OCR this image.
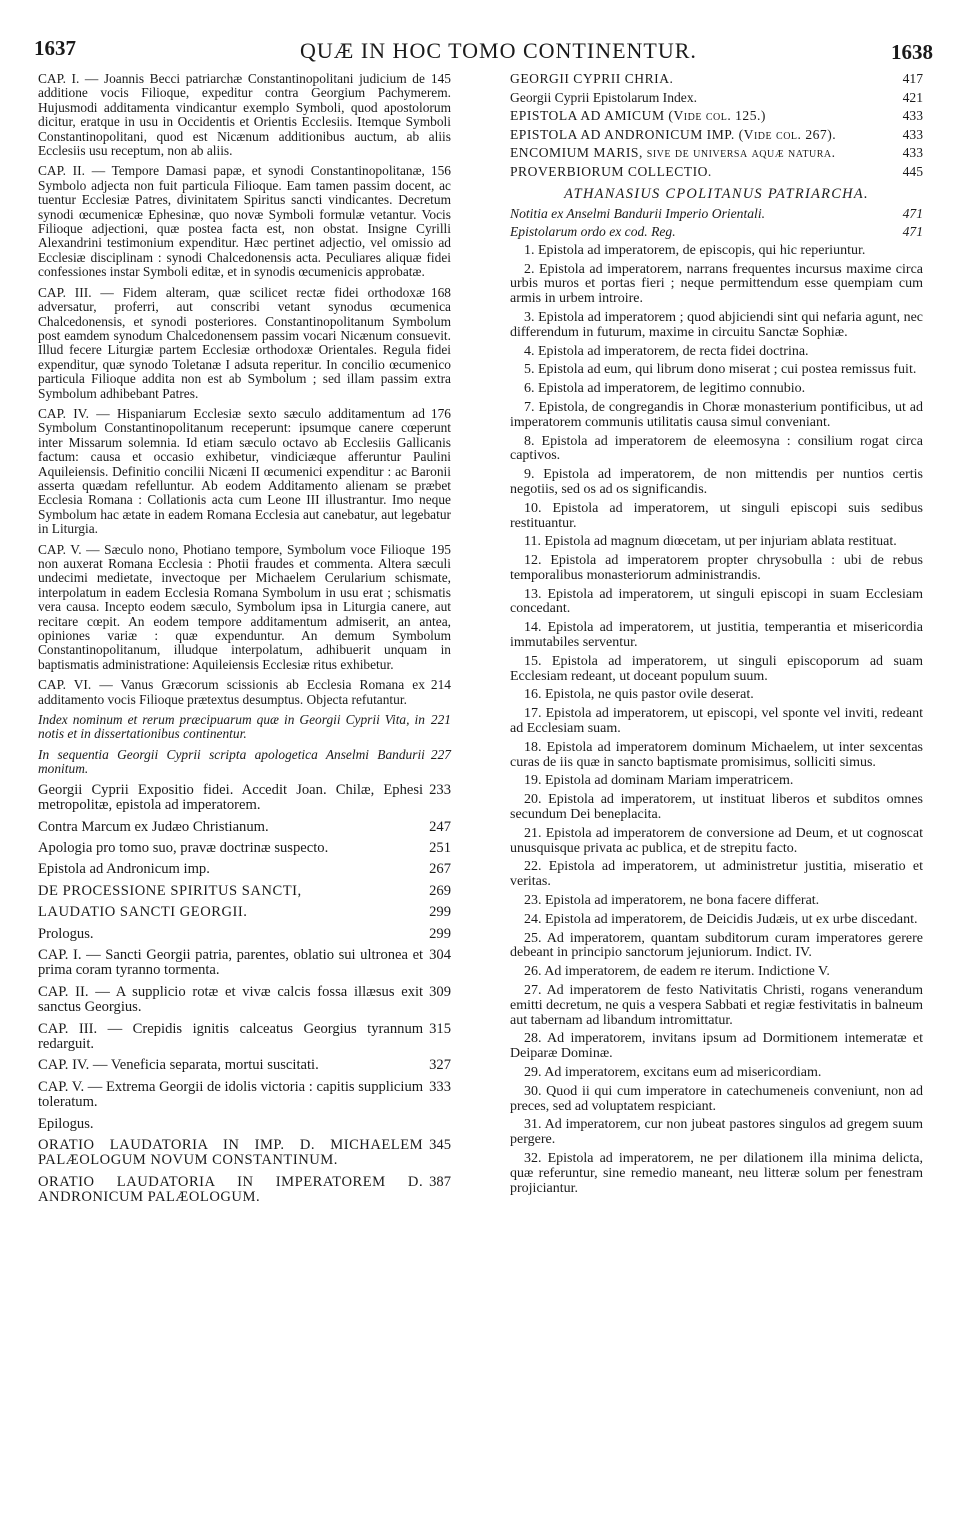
1637	QUÆ IN HOC TOMO CONTINENTUR.	1638
145
CAP. I. — Joannis Becci patriarchæ Constantinopolitani judicium de additione vocis Filioque, expeditur contra Georgium Pachymerem. Hujusmodi additamenta vindicantur exemplo Symboli, quod apostolorum dicitur, eratque in usu in Occidentis et Orientis Ecclesiis. Itemque Symboli Constantinopolitani, quod est Nicænum additionibus auctum, ab aliis Ecclesiis usu receptum, non ab aliis.
156
CAP. II. — Tempore Damasi papæ, et synodi Constantinopolitanæ, Symbolo adjecta non fuit particula Filioque. Eam tamen passim docent, ac tuentur Ecclesiæ Patres, divinitatem Spiritus sancti vindicantes. Decretum synodi œcumenicæ Ephesinæ, quo novæ Symboli formulæ vetantur. Vocis Filioque adjectioni, quæ postea facta est, non obstat. Insigne Cyrilli Alexandrini testimonium expenditur. Hæc pertinet adjectio, vel omissio ad Ecclesiæ disciplinam : synodi Chalcedonensis acta. Peculiares aliquæ fidei confessiones instar Symboli editæ, et in synodis œcumenicis approbatæ.
168
CAP. III. — Fidem alteram, quæ scilicet rectæ fidei orthodoxæ adversatur, proferri, aut conscribi vetant synodus œcumenica Chalcedonensis, et synodi posteriores. Constantinopolitanum Symbolum post eamdem synodum Chalcedonensem passim vocari Nicænum consuevit. Illud fecere Liturgiæ partem Ecclesiæ orthodoxæ Orientales. Regula fidei expenditur, quæ synodo Toletanæ I adsuta reperitur. In concilio œcumenico particula Filioque addita non est ab Symbolum ; sed illam passim extra Symbolum adhibebant Patres.
176
CAP. IV. — Hispaniarum Ecclesiæ sexto sæculo additamentum ad Symbolum Constantinopolitanum receperunt: ipsumque canere cœperunt inter Missarum solemnia. Id etiam sæculo octavo ab Ecclesiis Gallicanis factum: causa et occasio exhibetur, vindiciæque afferuntur Paulini Aquileiensis. Definitio concilii Nicæni II œcumenici expenditur : ac Baronii asserta quædam refelluntur. Ab eodem Additamento alienam se præbet Ecclesia Romana : Collationis acta cum Leone III illustrantur. Imo neque Symbolum hac ætate in eadem Romana Ecclesia aut canebatur, aut legebatur in Liturgia.
195
CAP. V. — Sæculo nono, Photiano tempore, Symbolum voce Filioque non auxerat Romana Ecclesia : Photii fraudes et commenta. Altera sæculi undecimi medietate, invectoque per Michaelem Cerularium schismate, interpolatum in eadem Ecclesia Romana Symbolum in usu erat ; schismatis vera causa. Incepto eodem sæculo, Symbolum ipsa in Liturgia canere, aut recitare cœpit. An eodem tempore additamentum admiserit, an antea, opiniones variæ : quæ expenduntur. An demum Symbolum Constantinopolitanum, illudque interpolatum, adhibuerit unquam in baptismatis administratione: Aquileiensis Ecclesiæ ritus exhibetur.
214
CAP. VI. — Vanus Græcorum scissionis ab Ecclesia Romana ex additamento vocis Filioque prætextus desumptus. Objecta refutantur.
221
Index nominum et rerum præcipuarum quæ in Georgii Cyprii Vita, in notis et in dissertationibus continentur.
227
In sequentia Georgii Cyprii scripta apologetica Anselmi Bandurii monitum.
233
Georgii Cyprii Expositio fidei. Accedit Joan. Chilæ, Ephesi metropolitæ, epistola ad imperatorem.
247
Contra Marcum ex Judæo Christianum.
251
Apologia pro tomo suo, pravæ doctrinæ suspecto.
267
Epistola ad Andronicum imp.
269
DE PROCESSIONE SPIRITUS SANCTI,
299
LAUDATIO SANCTI GEORGII.
299
Prologus.
304
CAP. I. — Sancti Georgii patria, parentes, oblatio sui ultronea et prima coram tyranno tormenta.
309
CAP. II. — A supplicio rotæ et vivæ calcis fossa illæsus exit sanctus Georgius.
315
CAP. III. — Crepidis ignitis calceatus Georgius tyrannum redarguit.
327
CAP. IV. — Veneficia separata, mortui suscitati.
333
CAP. V. — Extrema Georgii de idolis victoria : capitis supplicium toleratum.
Epilogus.
345
ORATIO LAUDATORIA IN IMP. D. MICHAELEM PALÆOLOGUM NOVUM CONSTANTINUM.
387
ORATIO LAUDATORIA IN IMPERATOREM D. ANDRONICUM PALÆOLOGUM.
417
GEORGII CYPRII CHRIA.
421
Georgii Cyprii Epistolarum Index.
433
EPISTOLA AD AMICUM (Vide col. 125.)
433
EPISTOLA AD ANDRONICUM IMP. (Vide col. 267).
433
ENCOMIUM MARIS, sive de universa aquæ natura.
445
PROVERBIORUM COLLECTIO.
ATHANASIUS CPOLITANUS PATRIARCHA.
471
Notitia ex Anselmi Bandurii Imperio Orientali.
471
Epistolarum ordo ex cod. Reg.
1. Epistola ad imperatorem, de episcopis, qui hic reperiuntur.
2. Epistola ad imperatorem, narrans frequentes incursus maxime circa urbis muros et portas fieri ; neque permittendum esse quempiam cum armis in urbem introire.
3. Epistola ad imperatorem ; quod abjiciendi sint qui nefaria agunt, nec differendum in futurum, maxime in circuitu Sanctæ Sophiæ.
4. Epistola ad imperatorem, de recta fidei doctrina.
5. Epistola ad eum, qui librum dono miserat ; cui postea remissus fuit.
6. Epistola ad imperatorem, de legitimo connubio.
7. Epistola, de congregandis in Choræ monasterium pontificibus, ut ad imperatorem communis utilitatis causa simul conveniant.
8. Epistola ad imperatorem de eleemosyna : consilium rogat circa captivos.
9. Epistola ad imperatorem, de non mittendis per nuntios certis negotiis, sed os ad os significandis.
10. Epistola ad imperatorem, ut singuli episcopi suis sedibus restituantur.
11. Epistola ad magnum diœcetam, ut per injuriam ablata restituat.
12. Epistola ad imperatorem propter chrysobulla : ubi de rebus temporalibus monasteriorum administrandis.
13. Epistola ad imperatorem, ut singuli episcopi in suam Ecclesiam concedant.
14. Epistola ad imperatorem, ut justitia, temperantia et misericordia immutabiles serventur.
15. Epistola ad imperatorem, ut singuli episcoporum ad suam Ecclesiam redeant, ut doceant populum suum.
16. Epistola, ne quis pastor ovile deserat.
17. Epistola ad imperatorem, ut episcopi, vel sponte vel inviti, redeant ad Ecclesiam suam.
18. Epistola ad imperatorem dominum Michaelem, ut inter sexcentas curas de iis quæ in sancto baptismate promisimus, solliciti simus.
19. Epistola ad dominam Mariam imperatricem.
20. Epistola ad imperatorem, ut instituat liberos et subditos omnes secundum Dei beneplacita.
21. Epistola ad imperatorem de conversione ad Deum, et ut cognoscat unusquisque privata ac publica, et de strepitu facto.
22. Epistola ad imperatorem, ut administretur justitia, miseratio et veritas.
23. Epistola ad imperatorem, ne bona facere differat.
24. Epistola ad imperatorem, de Deicidis Judæis, ut ex urbe discedant.
25. Ad imperatorem, quantam subditorum curam imperatores gerere debeant in principio sanctorum jejuniorum. Indict. IV.
26. Ad imperatorem, de eadem re iterum. Indictione V.
27. Ad imperatorem de festo Nativitatis Christi, rogans venerandum emitti decretum, ne quis a vespera Sabbati et regiæ festivitatis in balneum aut tabernam ad libandum intromittatur.
28. Ad imperatorem, invitans ipsum ad Dormitionem intemeratæ et Deiparæ Dominæ.
29. Ad imperatorem, excitans eum ad misericordiam.
30. Quod ii qui cum imperatore in catechumeneis conveniunt, non ad preces, sed ad voluptatem respiciant.
31. Ad imperatorem, cur non jubeat pastores singulos ad gregem suum pergere.
32. Epistola ad imperatorem, ne per dilationem illa minima delicta, quæ referuntur, sine remedio maneant, neu litteræ solum per fenestram projiciantur.
